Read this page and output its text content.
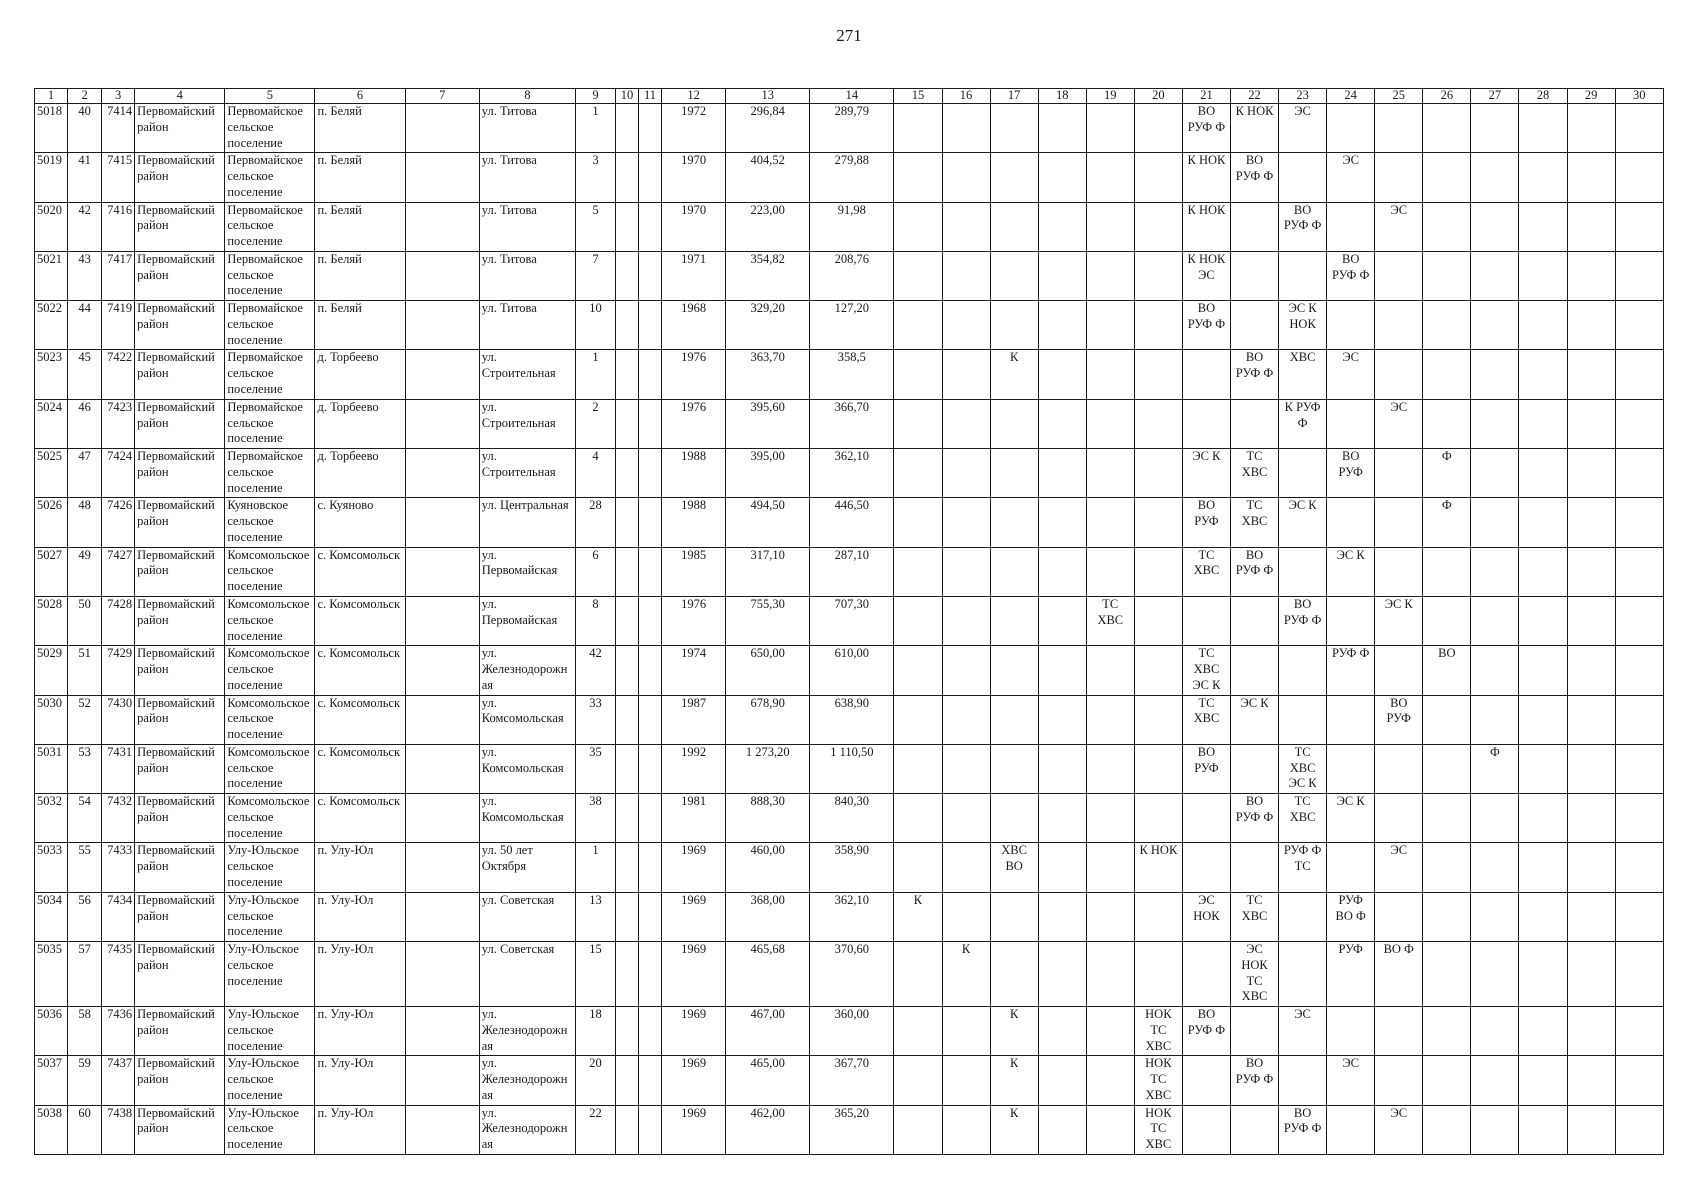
271
1	2	3	4	5	6	7	8	9	10	11	12	13	14	15	16	17	18	19	20	21	22	23	24	25	26	27	28	29	30
5018	40	7414	Первомайский район	Первомайское сельское поселение	п. Беляй		ул. Титова	1			1972	296,84	289,79							ВО
РУФ Ф	К НОК	ЭС							
5019	41	7415	Первомайский район	Первомайское сельское поселение	п. Беляй		ул. Титова	3			1970	404,52	279,88							К НОК	ВО
РУФ Ф		ЭС						
5020	42	7416	Первомайский район	Первомайское сельское поселение	п. Беляй		ул. Титова	5			1970	223,00	91,98							К НОК		ВО
РУФ Ф		ЭС					
5021	43	7417	Первомайский район	Первомайское сельское поселение	п. Беляй		ул. Титова	7			1971	354,82	208,76							К НОК
ЭС			ВО
РУФ Ф						
5022	44	7419	Первомайский район	Первомайское сельское поселение	п. Беляй		ул. Титова	10			1968	329,20	127,20							ВО
РУФ Ф		ЭС К
НОК							
5023	45	7422	Первомайский район	Первомайское сельское поселение	д. Торбеево		ул. Строительная	1			1976	363,70	358,5			К					ВО
РУФ Ф	ХВС	ЭС						
5024	46	7423	Первомайский район	Первомайское сельское поселение	д. Торбеево		ул. Строительная	2			1976	395,60	366,70									К РУФ
Ф		ЭС					
5025	47	7424	Первомайский район	Первомайское сельское поселение	д. Торбеево		ул. Строительная	4			1988	395,00	362,10							ЭС К	ТС
ХВС		ВО
РУФ		Ф				
5026	48	7426	Первомайский район	Куяновское сельское поселение	с. Куяново		ул. Центральная	28			1988	494,50	446,50							ВО
РУФ	ТС
ХВС	ЭС К			Ф				
5027	49	7427	Первомайский район	Комсомольское сельское поселение	с. Комсомольск		ул. Первомайская	6			1985	317,10	287,10							ТС
ХВС	ВО
РУФ Ф		ЭС К						
5028	50	7428	Первомайский район	Комсомольское сельское поселение	с. Комсомольск		ул. Первомайская	8			1976	755,30	707,30					ТС
ХВС				ВО
РУФ Ф		ЭС К					
5029	51	7429	Первомайский район	Комсомольское сельское поселение	с. Комсомольск		ул. Железнодорожная	42			1974	650,00	610,00							ТС
ХВС
ЭС К			РУФ Ф		ВО				
5030	52	7430	Первомайский район	Комсомольское сельское поселение	с. Комсомольск		ул. Комсомольская	33			1987	678,90	638,90							ТС
ХВС	ЭС К			ВО
РУФ					
5031	53	7431	Первомайский район	Комсомольское сельское поселение	с. Комсомольск		ул. Комсомольская	35			1992	1 273,20	1 110,50							ВО
РУФ		ТС
ХВС
ЭС К				Ф			
5032	54	7432	Первомайский район	Комсомольское сельское поселение	с. Комсомольск		ул. Комсомольская	38			1981	888,30	840,30								ВО
РУФ Ф	ТС
ХВС	ЭС К						
5033	55	7433	Первомайский район	Улу-Юльское сельское поселение	п. Улу-Юл		ул. 50 лет Октября	1			1969	460,00	358,90			ХВС
ВО			К НОК			РУФ Ф
ТС		ЭС					
5034	56	7434	Первомайский район	Улу-Юльское сельское поселение	п. Улу-Юл		ул. Советская	13			1969	368,00	362,10	К						ЭС
НОК	ТС
ХВС		РУФ
ВО Ф						
5035	57	7435	Первомайский район	Улу-Юльское сельское поселение	п. Улу-Юл		ул. Советская	15			1969	465,68	370,60		К						ЭС
НОК
ТС
ХВС		РУФ	ВО Ф					
5036	58	7436	Первомайский район	Улу-Юльское сельское поселение	п. Улу-Юл		ул. Железнодорожная	18			1969	467,00	360,00			К			НОК
ТС
ХВС	ВО
РУФ Ф		ЭС							
5037	59	7437	Первомайский район	Улу-Юльское сельское поселение	п. Улу-Юл		ул. Железнодорожная	20			1969	465,00	367,70			К			НОК
ТС
ХВС		ВО
РУФ Ф		ЭС						
5038	60	7438	Первомайский район	Улу-Юльское сельское поселение	п. Улу-Юл		ул. Железнодорожная	22			1969	462,00	365,20			К			НОК
ТС
ХВС			ВО
РУФ Ф		ЭС					
